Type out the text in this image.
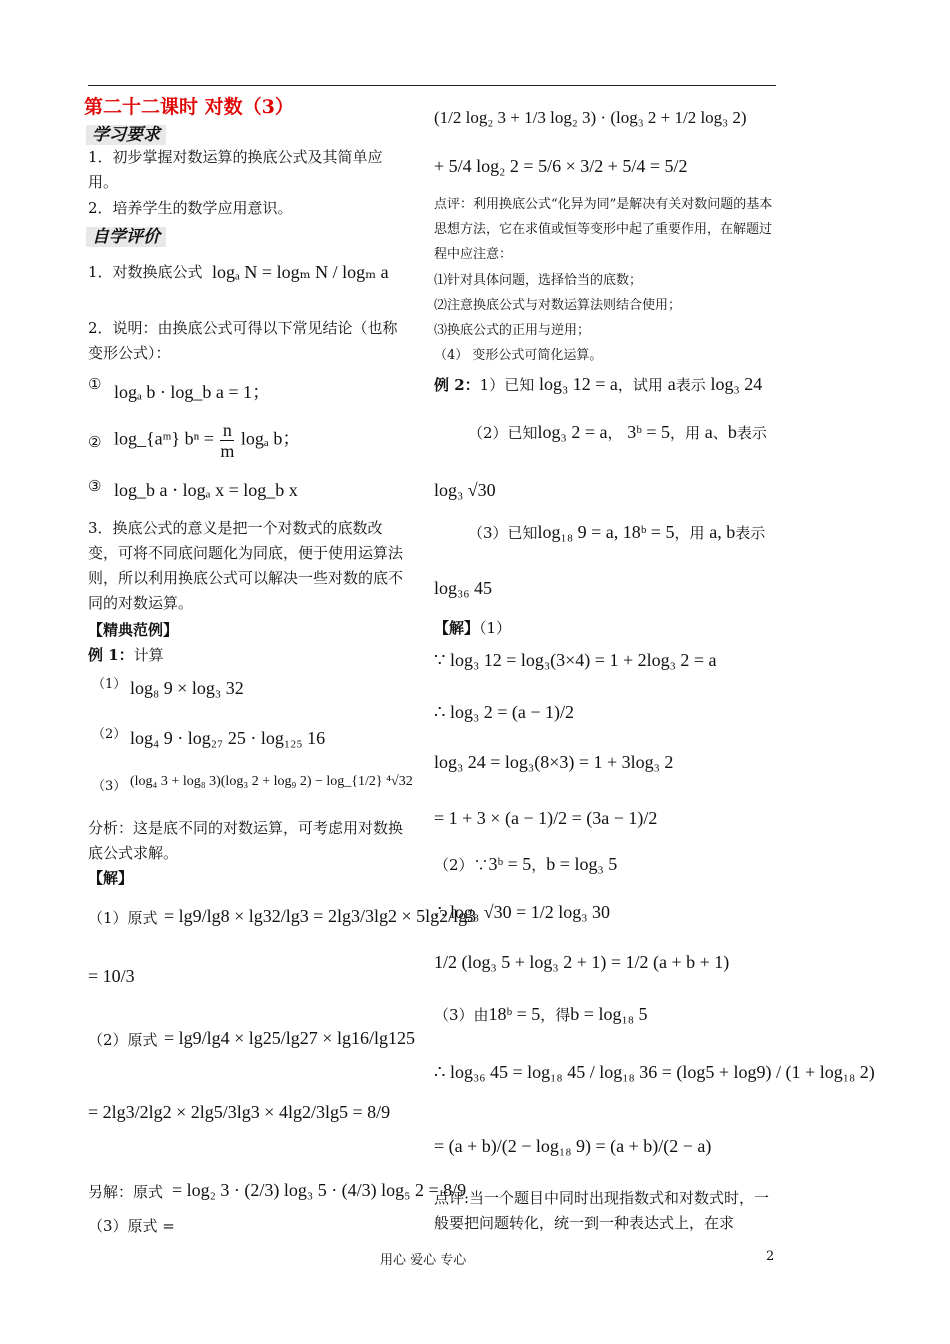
第二十二课时 对数（3）
学习要求
1．初步掌握对数运算的换底公式及其简单应用。
2．培养学生的数学应用意识。
自学评价
1．对数换底公式 logₐ N = logₘ N / logₘ a
2．说明：由换底公式可得以下常见结论（也称变形公式）：
① logₐ b · log_b a = 1；
② log_{aᵐ} $b^n = \frac{n}{m}$ logₐ b；
③ log_b a ⋅ logₐ x = log_b x
3．换底公式的意义是把一个对数式的底数改变，可将不同底问题化为同底，便于使用运算法则，所以利用换底公式可以解决一些对数的底不同的对数运算。
【精典范例】
例 1：计算
（1） log₈ 9 × log₃ 32
（2） log₄ 9 · log₂₇ 25 · log₁₂₅ 16
（3） (log₄ 3 + log₈ 3)(log₃ 2 + log₉ 2) − log_{1/2} ⁴√32
分析：这是底不同的对数运算，可考虑用对数换底公式求解。
【解】
（1）原式 = lg9/lg8 × lg32/lg3 = 2lg3/3lg2 × 5lg2/lg3
= 10/3
（2）原式 = lg9/lg4 × lg25/lg27 × lg16/lg125
= 2lg3/2lg2 × 2lg5/3lg3 × 4lg2/3lg5 = 8/9
另解：原式 = log₂ 3 · (2/3) log₃ 5 · (4/3) log₅ 2 = 8/9
（3）原式 =
(1/2 log₂ 3 + 1/3 log₂ 3) · (log₃ 2 + 1/2 log₃ 2)
+ 5/4 log₂ 2 = 5/6 × 3/2 + 5/4 = 5/2
点评：利用换底公式“化异为同”是解决有关对数问题的基本思想方法，它在求值或恒等变形中起了重要作用，在解题过程中应注意：
⑴针对具体问题，选择恰当的底数；
⑵注意换底公式与对数运算法则结合使用；
⑶换底公式的正用与逆用；
（4） 变形公式可简化运算。
例 2：1）已知 log₃ 12 = a，试用 a表示 log₃ 24
（2）已知log₃ 2 = a， 3ᵇ = 5，用 a、b表示
log₃ √30
（3）已知log₁₈ 9 = a, 18ᵇ = 5，用 a, b表示
log₃₆ 45
【解】（1）
∵ log₃ 12 = log₃(3×4) = 1 + 2log₃ 2 = a
∴ log₃ 2 = (a − 1)/2
log₃ 24 = log₃(8×3) = 1 + 3log₃ 2
= 1 + 3 × (a − 1)/2 = (3a − 1)/2
（2）∵3ᵇ = 5，b = log₃ 5
∴ log₃ √30 = 1/2 log₃ 30
1/2 (log₃ 5 + log₃ 2 + 1) = 1/2 (a + b + 1)
（3）由18ᵇ = 5，得b = log₁₈ 5
∴ log₃₆ 45 = log₁₈ 45 / log₁₈ 36 = (log5 + log9) / (1 + log₁₈ 2)
= (a + b)/(2 − log₁₈ 9) = (a + b)/(2 − a)
点评:当一个题目中同时出现指数式和对数式时，一般要把问题转化，统一到一种表达式上，在求
用心 爱心 专心	2
